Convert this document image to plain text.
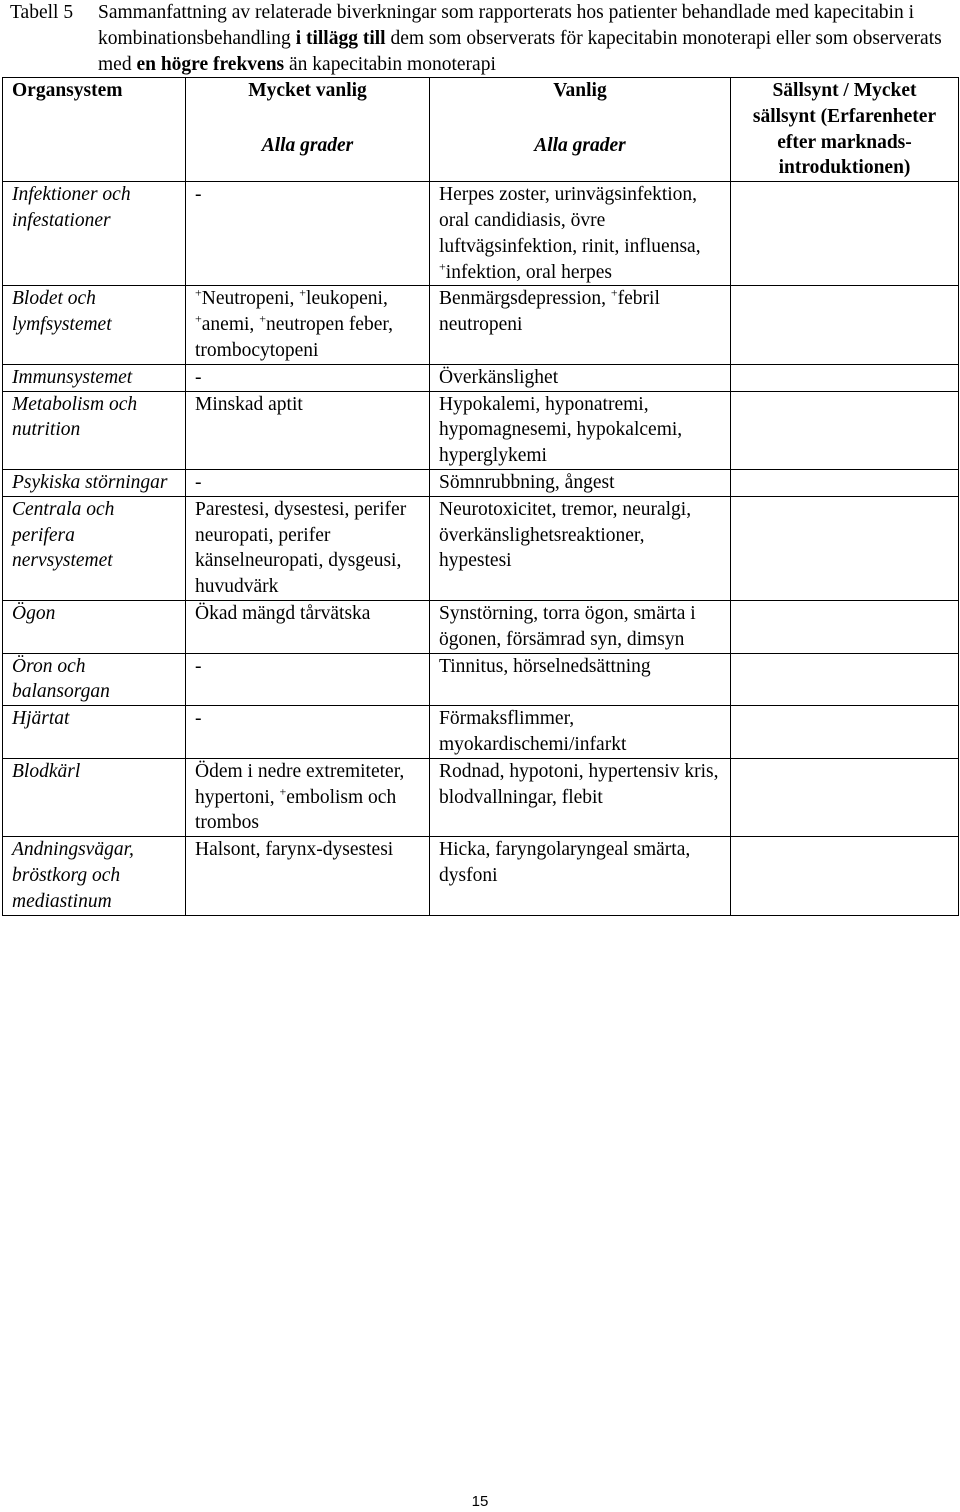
Tabell 5	Sammanfattning av relaterade biverkningar som rapporterats hos patienter behandlade med kapecitabin i kombinationsbehandling i tillägg till dem som observerats för kapecitabin monoterapi eller som observerats med en högre frekvens än kapecitabin monoterapi
Organsystem	Mycket vanlig	Vanlig	Sällsynt / Mycket sällsynt (Erfarenheter efter marknads-introduktionen)
	Alla grader	Alla grader	
Infektioner och infestationer	-	Herpes zoster, urinvägsinfektion, oral candidiasis, övre luftvägsinfektion, rinit, influensa, +infektion, oral herpes	
Blodet och lymfsystemet	+Neutropeni, +leukopeni, +anemi, +neutropen feber, trombocytopeni	Benmärgsdepression, +febril neutropeni	
Immunsystemet	-	Överkänslighet	
Metabolism och nutrition	Minskad aptit	Hypokalemi, hyponatremi, hypomagnesemi, hypokalcemi, hyperglykemi	
Psykiska störningar	-	Sömnrubbning, ångest	
Centrala och perifera nervsystemet	Parestesi, dysestesi, perifer neuropati, perifer känselneuropati, dysgeusi, huvudvärk	Neurotoxicitet, tremor, neuralgi, överkänslighetsreaktioner, hypestesi	
Ögon	Ökad mängd tårvätska	Synstörning, torra ögon, smärta i ögonen, försämrad syn, dimsyn	
Öron och balansorgan	-	Tinnitus, hörselnedsättning	
Hjärtat	-	Förmaksflimmer, myokardischemi/infarkt	
Blodkärl	Ödem i nedre extremiteter, hypertoni, +embolism och trombos	Rodnad, hypotoni, hypertensiv kris, blodvallningar, flebit	
Andningsvägar, bröstkorg och mediastinum	Halsont, farynx-dysestesi	Hicka, faryngolaryngeal smärta, dysfoni	
15
